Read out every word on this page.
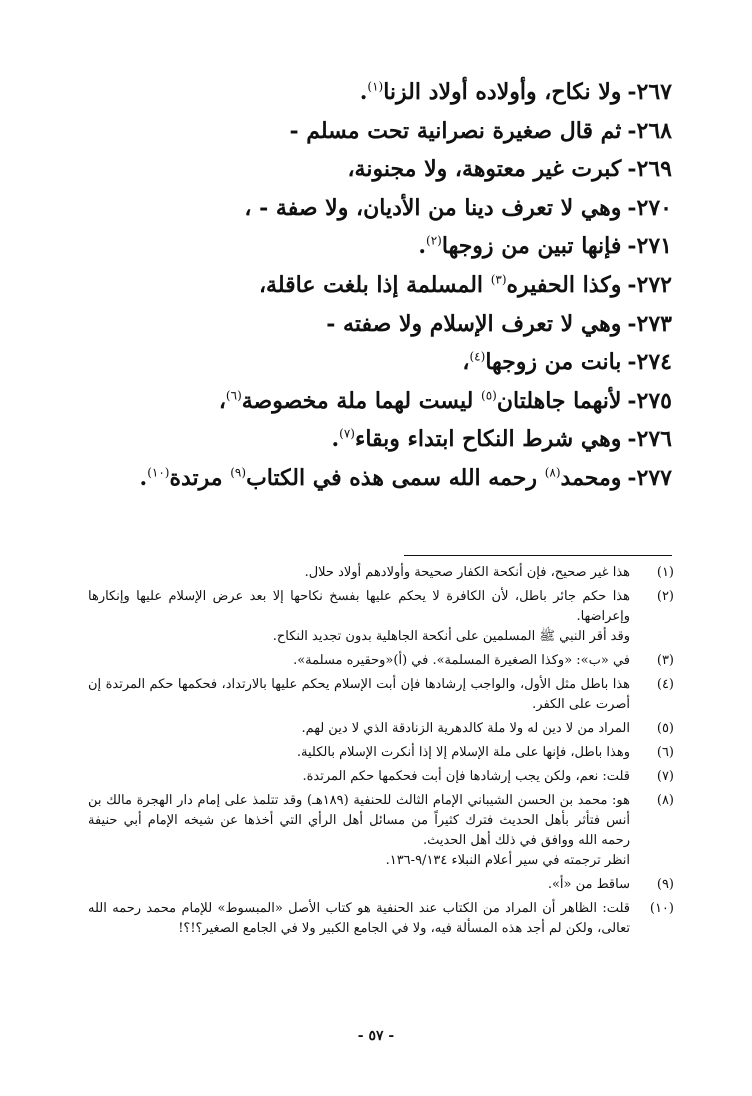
٢٦٧-ولا نكاح، وأولاده أولاد الزنا$^{(١)}$.
٢٦٨-ثم قال صغيرة نصرانية تحت مسلم -
٢٦٩-كبرت غير معتوهة، ولا مجنونة،
٢٧٠-وهي لا تعرف دينا من الأديان، ولا صفة - ،
٢٧١-فإنها تبين من زوجها$^{(٢)}$.
٢٧٢-وكذا الحفيره$^{(٣)}$ المسلمة إذا بلغت عاقلة،
٢٧٣-وهي لا تعرف الإسلام ولا صفته -
٢٧٤-بانت من زوجها$^{(٤)}$،
٢٧٥-لأنهما جاهلتان$^{(٥)}$ ليست لهما ملة مخصوصة$^{(٦)}$،
٢٧٦-وهي شرط النكاح ابتداء وبقاء$^{(٧)}$.
٢٧٧-ومحمد$^{(٨)}$ رحمه الله سمى هذه في الكتاب$^{(٩)}$ مرتدة$^{(١٠)}$.
(١)

هذا غير صحيح، فإن أنكحة الكفار صحيحة وأولادهم أولاد حلال.

(٢)

هذا حكم جائر باطل، لأن الكافرة لا يحكم عليها بفسخ نكاحها إلا بعد عرض الإسلام عليها وإنكارها وإعراضها.

وقد أقر النبي ﷺ المسلمين على أنكحة الجاهلية بدون تجديد النكاح.

(٣)

في «ب»: «وكذا الصغيرة المسلمة». في (أ)«وحقيره مسلمة».

(٤)

هذا باطل مثل الأول، والواجب إرشادها فإن أبت الإسلام يحكم عليها بالارتداد، فحكمها حكم المرتدة إن أصرت على الكفر.

(٥)

المراد من لا دين له ولا ملة كالدهرية الزنادقة الذي لا دين لهم.

(٦)

وهذا باطل، فإنها على ملة الإسلام إلا إذا أنكرت الإسلام بالكلية.

(٧)

قلت: نعم، ولكن يجب إرشادها فإن أبت فحكمها حكم المرتدة.

(٨)

هو: محمد بن الحسن الشيباني الإمام الثالث للحنفية (١٨٩هـ) وقد تتلمذ على إمام دار الهجرة مالك بن أنس فتأثر بأهل الحديث فترك كثيراً من مسائل أهل الرأي التي أخذها عن شيخه الإمام أبي حنيفة رحمه الله ووافق في ذلك أهل الحديث.

انظر ترجمته في سير أعلام النبلاء ٩/١٣٤-١٣٦.

(٩)

ساقط من «أ».

(١٠)

قلت: الظاهر أن المراد من الكتاب عند الحنفية هو كتاب الأصل «المبسوط» للإمام محمد رحمه الله تعالى، ولكن لم أجد هذه المسألة فيه، ولا في الجامع الكبير ولا في الجامع الصغير؟!؟!

- ٥٧ -
